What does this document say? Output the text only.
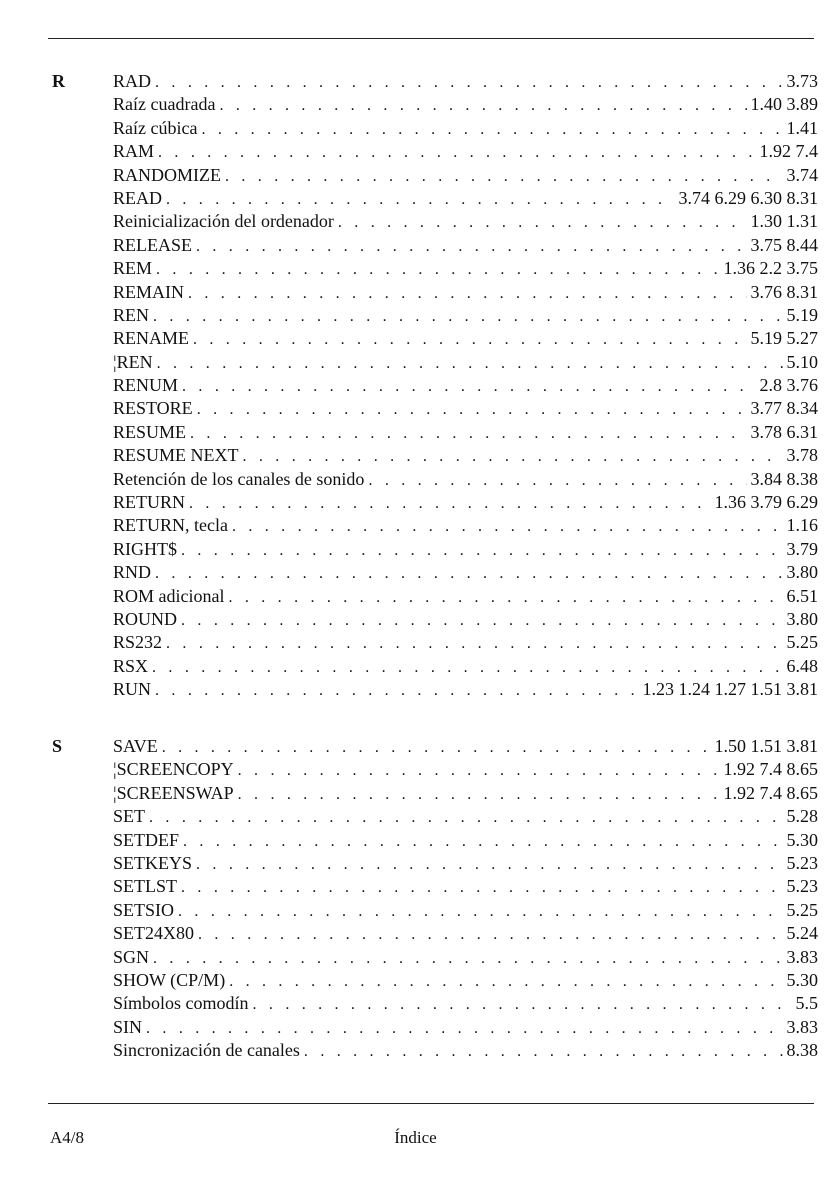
R	RAD . . .	3.73
Raíz cuadrada . . .	1.40 3.89
Raíz cúbica . . .	1.41
RAM . . .	1.92 7.4
RANDOMIZE . . .	3.74
READ . . .	3.74 6.29 6.30 8.31
Reinicialización del ordenador . . .	1.30 1.31
RELEASE . . .	3.75 8.44
REM . . .	1.36 2.2 3.75
REMAIN . . .	3.76 8.31
REN . . .	5.19
RENAME . . .	5.19 5.27
¦REN . . .	5.10
RENUM . . .	2.8 3.76
RESTORE . . .	3.77 8.34
RESUME . . .	3.78 6.31
RESUME NEXT . . .	3.78
Retención de los canales de sonido . . .	3.84 8.38
RETURN . . .	1.36 3.79 6.29
RETURN, tecla . . .	1.16
RIGHT$ . . .	3.79
RND . . .	3.80
ROM adicional . . .	6.51
ROUND . . .	3.80
RS232 . . .	5.25
RSX . . .	6.48
RUN . . .	1.23 1.24 1.27 1.51 3.81
S	SAVE . . .	1.50 1.51 3.81
¦SCREENCOPY . . .	1.92 7.4 8.65
¦SCREENSWAP . . .	1.92 7.4 8.65
SET . . .	5.28
SETDEF . . .	5.30
SETKEYS . . .	5.23
SETLST . . .	5.23
SETSIO . . .	5.25
SET24X80 . . .	5.24
SGN . . .	3.83
SHOW (CP/M) . . .	5.30
Símbolos comodín . . .	5.5
SIN . . .	3.83
Sincronización de canales . . .	8.38
A4/8	Índice
